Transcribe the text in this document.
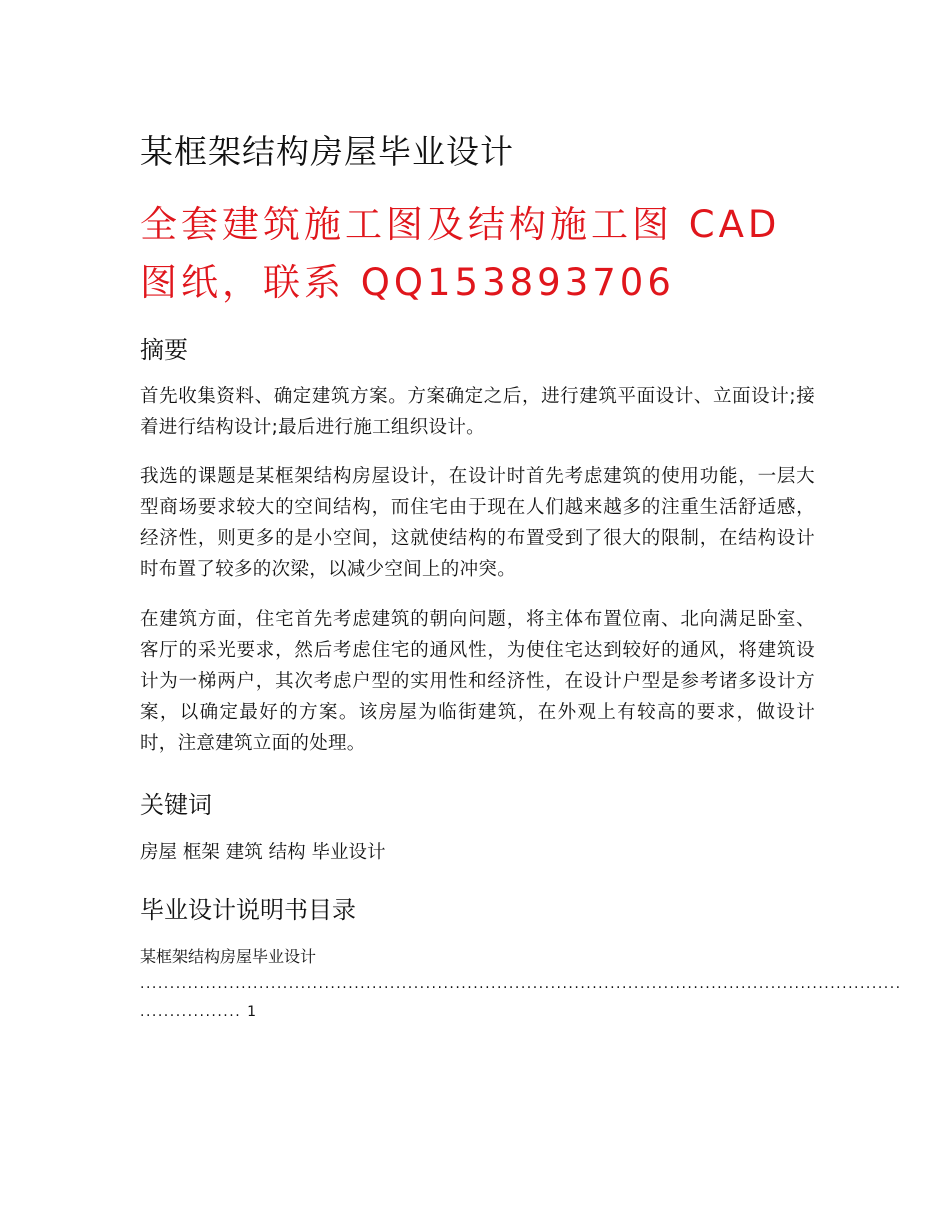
某框架结构房屋毕业设计
全套建筑施工图及结构施工图 CAD 图纸，联系 QQ153893706
摘要
首先收集资料、确定建筑方案。方案确定之后，进行建筑平面设计、立面设计;接着进行结构设计;最后进行施工组织设计。
我选的课题是某框架结构房屋设计，在设计时首先考虑建筑的使用功能，一层大型商场要求较大的空间结构，而住宅由于现在人们越来越多的注重生活舒适感，经济性，则更多的是小空间，这就使结构的布置受到了很大的限制，在结构设计时布置了较多的次梁，以减少空间上的冲突。
在建筑方面，住宅首先考虑建筑的朝向问题，将主体布置位南、北向满足卧室、客厅的采光要求，然后考虑住宅的通风性，为使住宅达到较好的通风，将建筑设计为一梯两户，其次考虑户型的实用性和经济性，在设计户型是参考诸多设计方案，以确定最好的方案。该房屋为临街建筑，在外观上有较高的要求，做设计时，注意建筑立面的处理。
关键词
房屋 框架 建筑 结构 毕业设计
毕业设计说明书目录
某框架结构房屋毕业设计
................................................................................................................................
................. 1
